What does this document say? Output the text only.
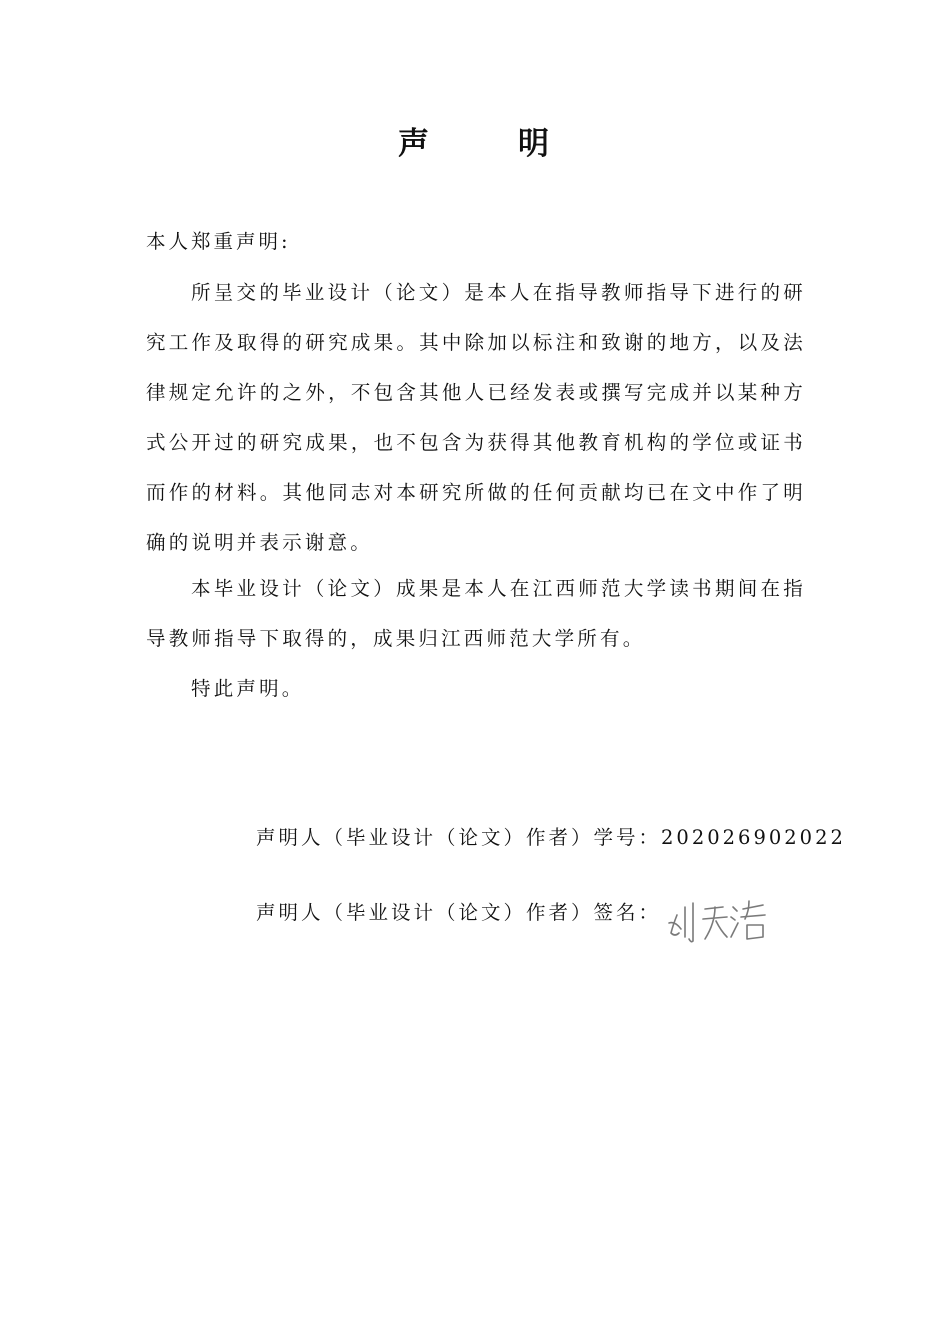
声	明
本人郑重声明:

所呈交的毕业设计（论文）是本人在指导教师指导下进行的研究工作及取得的研究成果。其中除加以标注和致谢的地方，以及法律规定允许的之外，不包含其他人已经发表或撰写完成并以某种方式公开过的研究成果，也不包含为获得其他教育机构的学位或证书而作的材料。其他同志对本研究所做的任何贡献均已在文中作了明确的说明并表示谢意。

本毕业设计（论文）成果是本人在江西师范大学读书期间在指导教师指导下取得的，成果归江西师范大学所有。

特此声明。

声明人（毕业设计（论文）作者）学号：202026902022
声明人（毕业设计（论文）作者）签名：
